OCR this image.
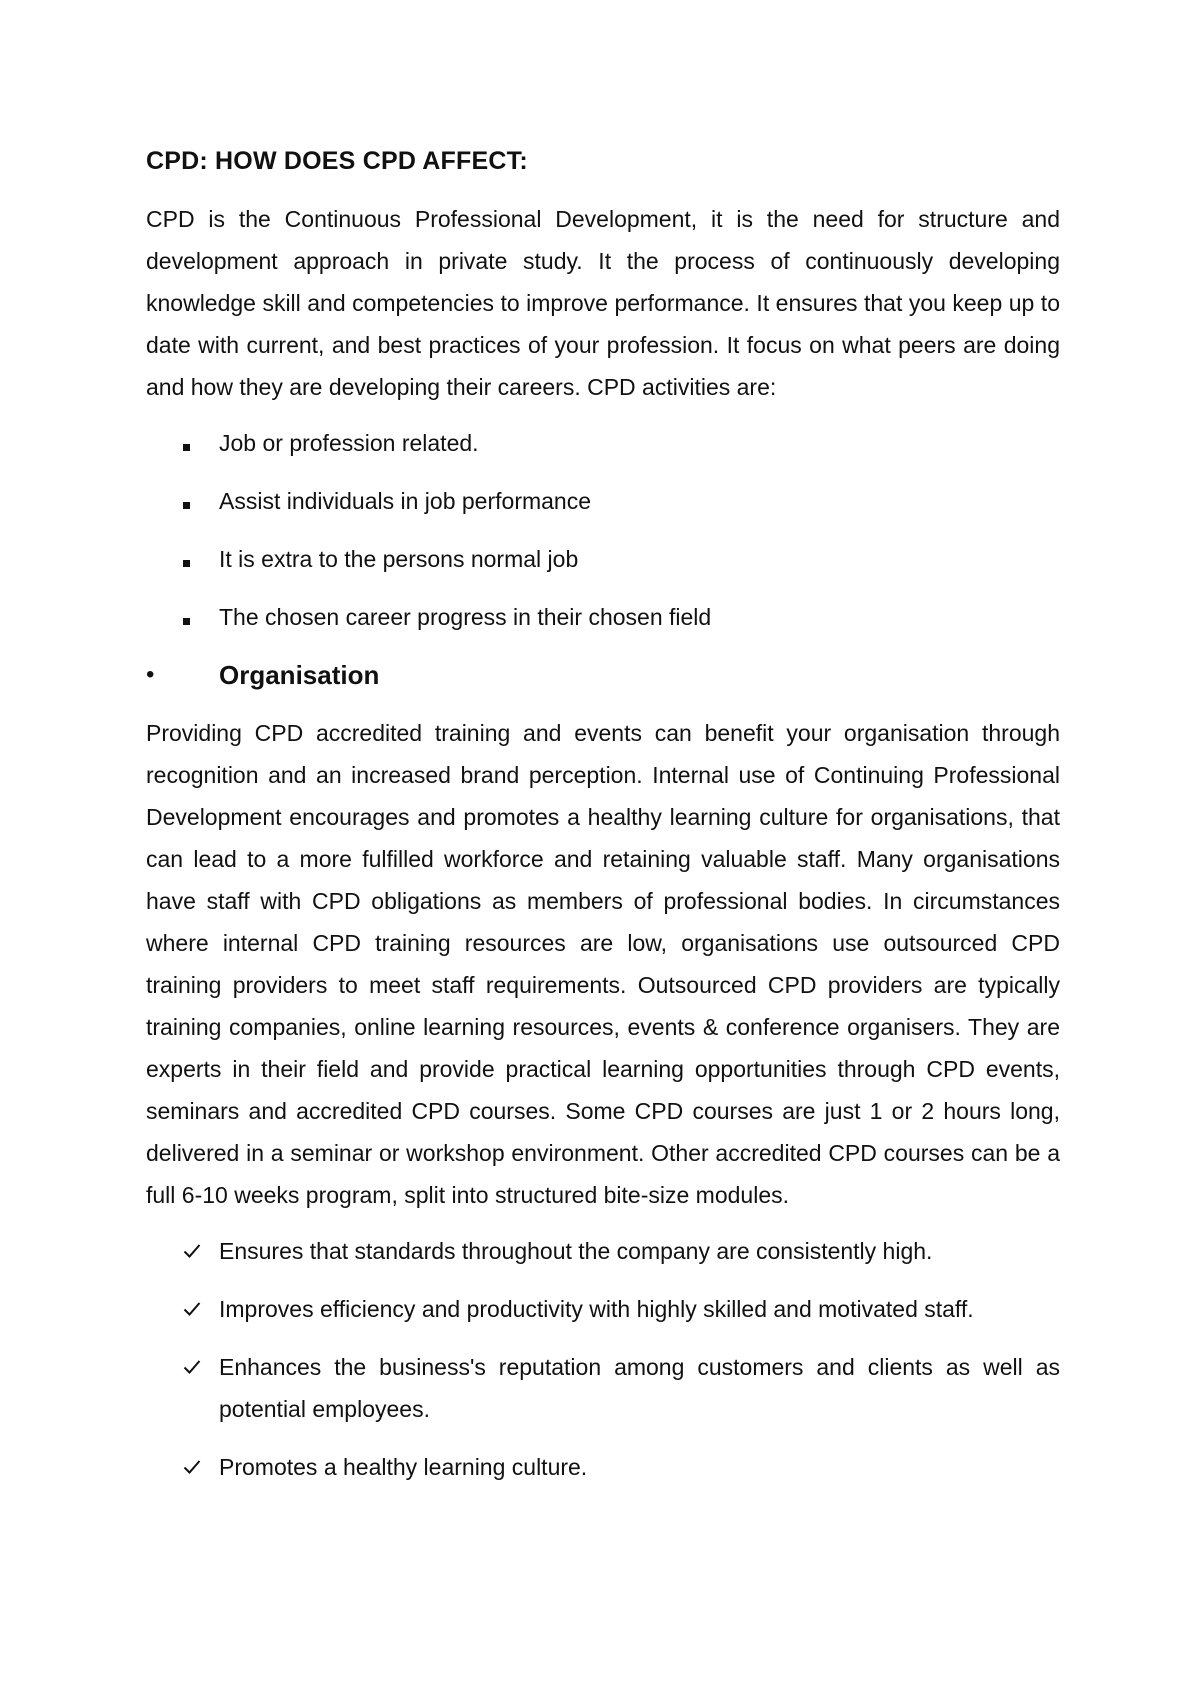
CPD: HOW DOES CPD AFFECT:

CPD is the Continuous Professional Development, it is the need for structure and development approach in private study. It the process of continuously developing knowledge skill and competencies to improve performance. It ensures that you keep up to date with current, and best practices of your profession. It focus on what peers are doing and how they are developing their careers. CPD activities are:

Job or profession related.
Assist individuals in job performance
It is extra to the persons normal job
The chosen career progress in their chosen field
• Organisation

Providing CPD accredited training and events can benefit your organisation through recognition and an increased brand perception. Internal use of Continuing Professional Development encourages and promotes a healthy learning culture for organisations, that can lead to a more fulfilled workforce and retaining valuable staff. Many organisations have staff with CPD obligations as members of professional bodies. In circumstances where internal CPD training resources are low, organisations use outsourced CPD training providers to meet staff requirements. Outsourced CPD providers are typically training companies, online learning resources, events & conference organisers. They are experts in their field and provide practical learning opportunities through CPD events, seminars and accredited CPD courses. Some CPD courses are just 1 or 2 hours long, delivered in a seminar or workshop environment. Other accredited CPD courses can be a full 6-10 weeks program, split into structured bite-size modules.

Ensures that standards throughout the company are consistently high.
Improves efficiency and productivity with highly skilled and motivated staff.
Enhances the business's reputation among customers and clients as well as potential employees.
Promotes a healthy learning culture.
